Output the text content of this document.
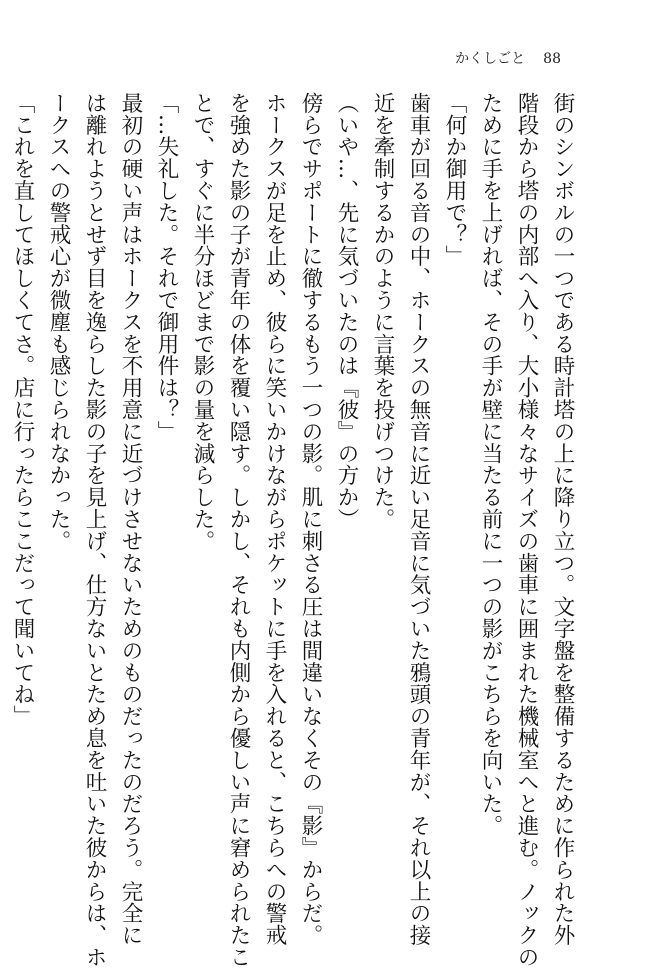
かくしごと 88
街のシンボルの一つである時計塔の上に降り立つ。文字盤を整備するために作られた外
階段から塔の内部へ入り、大小様々なサイズの歯車に囲まれた機械室へと進む。ノックの
ために手を上げれば、その手が壁に当たる前に一つの影がこちらを向いた。
「何か御用で？」
歯車が回る音の中、ホークスの無音に近い足音に気づいた鴉頭の青年が、それ以上の接
近を牽制するかのように言葉を投げつけた。
（いや…、先に気づいたのは『彼』の方か）
傍らでサポートに徹するもう一つの影。肌に刺さる圧は間違いなくその『影』からだ。
ホークスが足を止め、彼らに笑いかけながらポケットに手を入れると、こちらへの警戒
を強めた影の子が青年の体を覆い隠す。しかし、それも内側から優しい声に窘められたこ
とで、すぐに半分ほどまで影の量を減らした。
「…失礼した。それで御用件は？」
最初の硬い声はホークスを不用意に近づけさせないためのものだったのだろう。完全に
は離れようとせず目を逸らした影の子を見上げ、仕方ないとため息を吐いた彼からは、ホ
ークスへの警戒心が微塵も感じられなかった。
「これを直してほしくてさ。店に行ったらここだって聞いてね」
